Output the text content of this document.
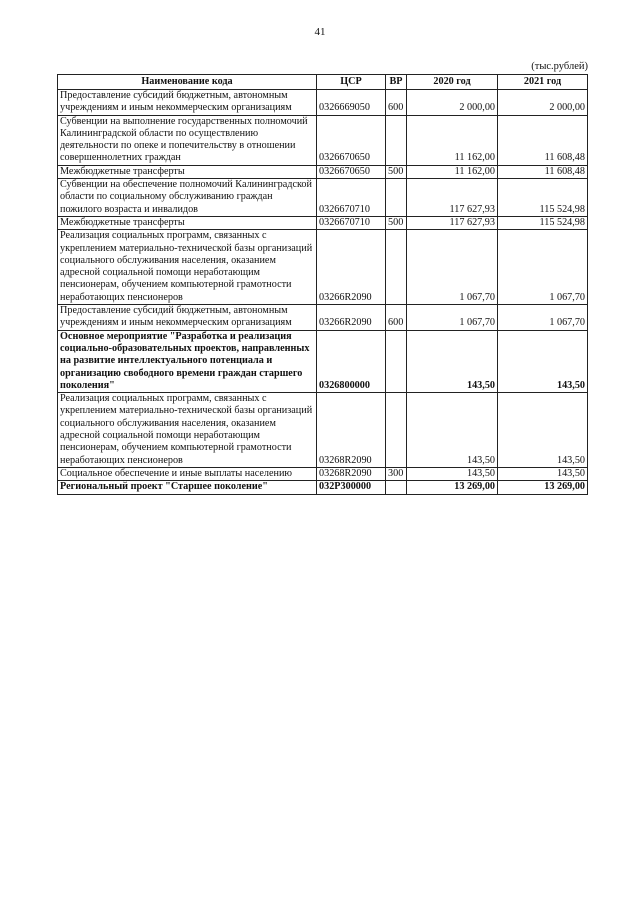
41
(тыс.рублей)
Наименование кода	ЦСР	ВР	2020 год	2021 год
Предоставление субсидий бюджетным, автономным учреждениям и иным некоммерческим организациям	0326669050	600	2 000,00	2 000,00
Субвенции на выполнение государственных полномочий Калининградской области по осуществлению деятельности по опеке и попечительству в отношении совершеннолетних граждан	0326670650		11 162,00	11 608,48
Межбюджетные трансферты	0326670650	500	11 162,00	11 608,48
Субвенции на обеспечение полномочий Калининградской области по социальному обслуживанию граждан пожилого возраста и инвалидов	0326670710		117 627,93	115 524,98
Межбюджетные трансферты	0326670710	500	117 627,93	115 524,98
Реализация социальных программ, связанных с укреплением материально-технической базы организаций социального обслуживания населения, оказанием адресной социальной помощи неработающим пенсионерам, обучением компьютерной грамотности неработающих пенсионеров	03266R2090		1 067,70	1 067,70
Предоставление субсидий бюджетным, автономным учреждениям и иным некоммерческим организациям	03266R2090	600	1 067,70	1 067,70
Основное мероприятие "Разработка и реализация социально-образовательных проектов, направленных на развитие интеллектуального потенциала и организацию свободного времени граждан старшего поколения"	0326800000		143,50	143,50
Реализация социальных программ, связанных с укреплением материально-технической базы организаций социального обслуживания населения, оказанием адресной социальной помощи неработающим пенсионерам, обучением компьютерной грамотности неработающих пенсионеров	03268R2090		143,50	143,50
Социальное обеспечение и иные выплаты населению	03268R2090	300	143,50	143,50
Региональный проект "Старшее поколение"	032P300000		13 269,00	13 269,00
